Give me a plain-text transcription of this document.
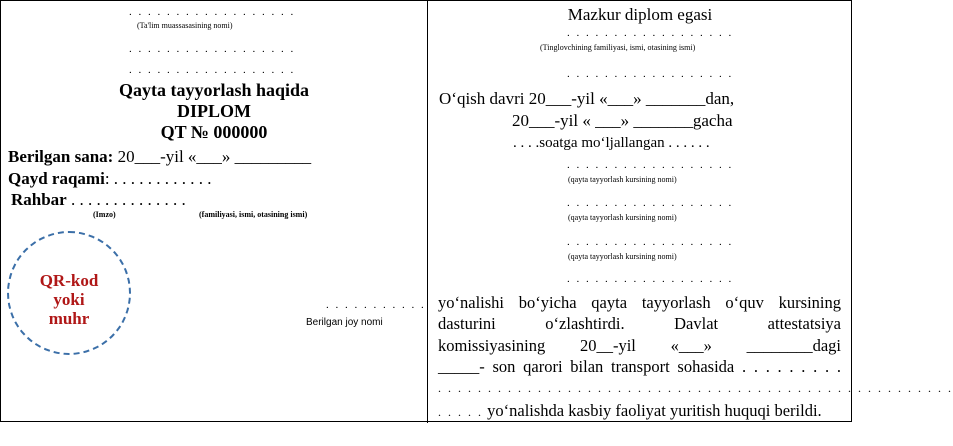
. . . . . . . . . . . . . . . . . .
(Ta'lim muassasasining nomi)
. . . . . . . . . . . . . . . . . .
. . . . . . . . . . . . . . . . . .
Qayta tayyorlash haqida
DIPLOM
QT № 000000
Berilgan sana: 20___-yil «___» _________
Qayd raqami: . . . . . . . . . . . .
Rahbar . . . . . . . . . . . . . .
(Imzo)	(familiyasi, ismi, otasining ismi)
QR-kod
yoki
muhr
. . . . . . . . . . .
Berilgan joy nomi
Mazkur diplom egasi
. . . . . . . . . . . . . . . . . .
(Tinglovchining familiyasi, ismi, otasining ismi)
. . . . . . . . . . . . . . . . . .
O‘qish davri 20___-yil «___» _______dan,
20___-yil « ___» _______gacha
. . . .soatga mo‘ljallangan . . . . . .
. . . . . . . . . . . . . . . . . .
(qayta tayyorlash kursining nomi)
. . . . . . . . . . . . . . . . . .
(qayta tayyorlash kursining nomi)
. . . . . . . . . . . . . . . . . .
(qayta tayyorlash kursining nomi)
. . . . . . . . . . . . . . . . . .
yo‘nalishi bo‘yicha qayta tayyorlash o‘quv kursining
dasturini o‘zlashtirdi. Davlat attestatsiya
komissiyasining 20__-yil «___» ________dagi
_____- son qarori bilan transport sohasida . . . . . . . . .
. . . . . . . . . . . . . . . . . . . . . . . . . . . . . . . . . . . . . . . . . . . . . . . . . . . .
. . . . . yo‘nalishda kasbiy faoliyat yuritish huquqi berildi.
